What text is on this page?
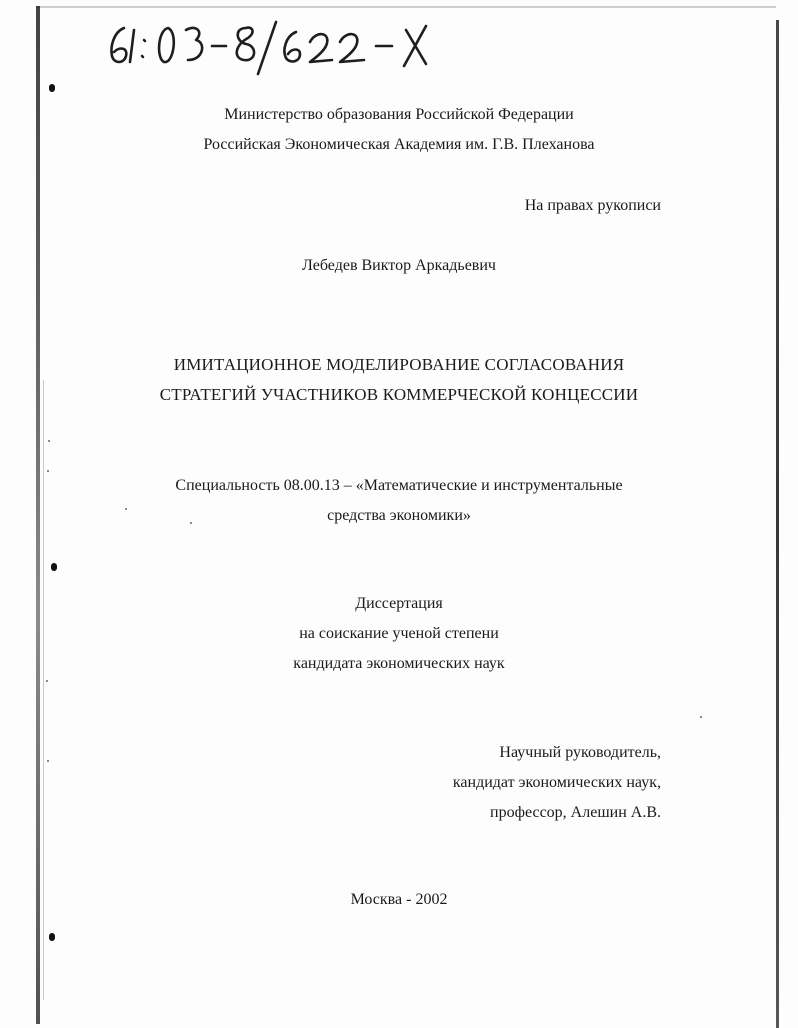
Министерство образования Российской Федерации
Российская Экономическая Академия им. Г.В. Плеханова
На правах рукописи
Лебедев Виктор Аркадьевич
ИМИТАЦИОННОЕ МОДЕЛИРОВАНИЕ СОГЛАСОВАНИЯ
СТРАТЕГИЙ УЧАСТНИКОВ КОММЕРЧЕСКОЙ КОНЦЕССИИ
Специальность 08.00.13 – «Математические и инструментальные
средства экономики»
Диссертация
на соискание ученой степени
кандидата экономических наук
Научный руководитель,
кандидат экономических наук,
профессор, Алешин А.В.
Москва - 2002
